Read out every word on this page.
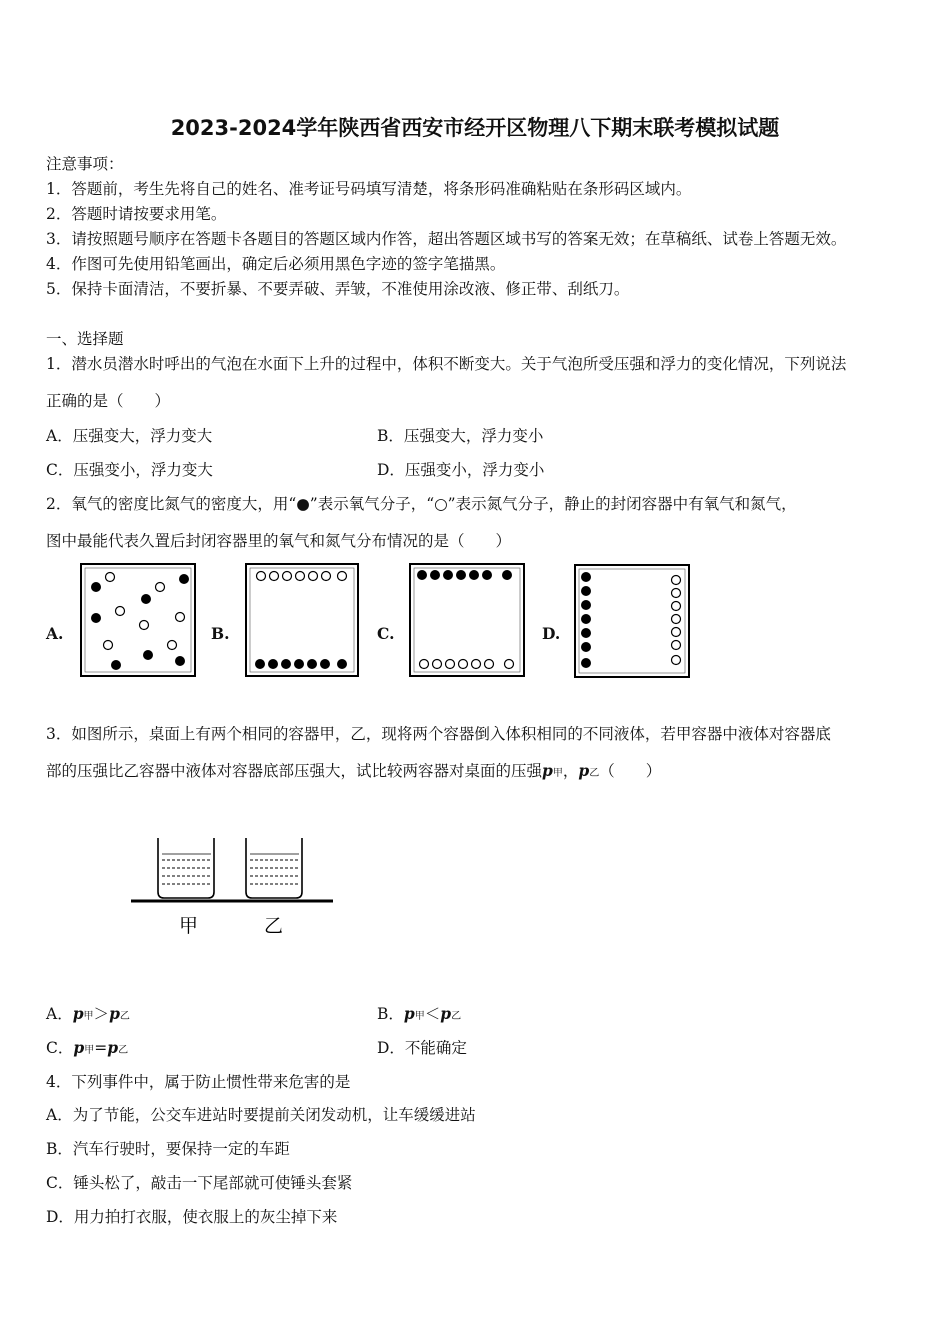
2023-2024学年陕西省西安市经开区物理八下期末联考模拟试题
注意事项：
1．答题前，考生先将自己的姓名、准考证号码填写清楚，将条形码准确粘贴在条形码区域内。
2．答题时请按要求用笔。
3．请按照题号顺序在答题卡各题目的答题区域内作答，超出答题区域书写的答案无效；在草稿纸、试卷上答题无效。
4．作图可先使用铅笔画出，确定后必须用黑色字迹的签字笔描黑。
5．保持卡面清洁，不要折暴、不要弄破、弄皱，不准使用涂改液、修正带、刮纸刀。
一、选择题
1．潜水员潜水时呼出的气泡在水面下上升的过程中，体积不断变大。关于气泡所受压强和浮力的变化情况，下列说法
正确的是（　　）
A．压强变大，浮力变大	B．压强变大，浮力变小
C．压强变小，浮力变大	D．压强变小，浮力变小
2．氧气的密度比氮气的密度大，用“●”表示氧气分子，“○”表示氮气分子，静止的封闭容器中有氧气和氮气，
图中最能代表久置后封闭容器里的氧气和氮气分布情况的是（　　）
A.	B.	C.	D.
3．如图所示，桌面上有两个相同的容器甲，乙，现将两个容器倒入体积相同的不同液体，若甲容器中液体对容器底
部的压强比乙容器中液体对容器底部压强大，试比较两容器对桌面的压强p甲，p乙（　　）
甲	乙
A．p甲＞p乙	B．p甲＜p乙
C．p甲=p乙	D．不能确定
4．下列事件中，属于防止惯性带来危害的是
A．为了节能，公交车进站时要提前关闭发动机，让车缓缓进站
B．汽车行驶时，要保持一定的车距
C．锤头松了，敲击一下尾部就可使锤头套紧
D．用力拍打衣服，使衣服上的灰尘掉下来
